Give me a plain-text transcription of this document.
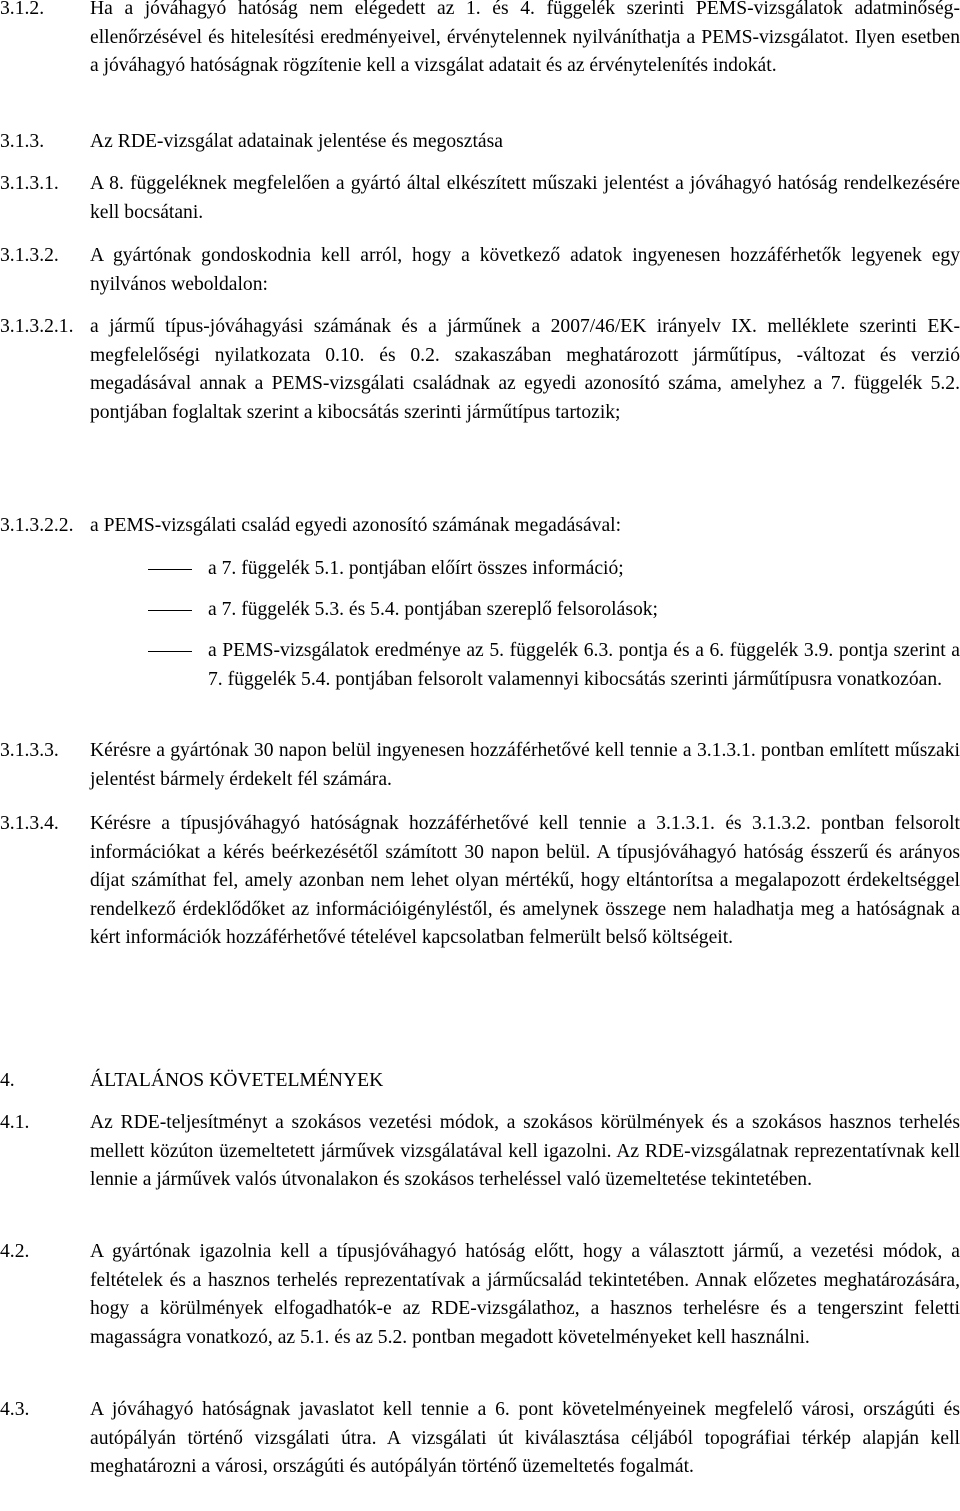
3.1.2. Ha a jóváhagyó hatóság nem elégedett az 1. és 4. függelék szerinti PEMS-vizsgálatok adatminőség-ellenőrzésével és hitelesítési eredményeivel, érvénytelennek nyilváníthatja a PEMS-vizsgálatot. Ilyen esetben a jóváhagyó hatóságnak rögzítenie kell a vizsgálat adatait és az érvénytelenítés indokát.
3.1.3. Az RDE-vizsgálat adatainak jelentése és megosztása
3.1.3.1. A 8. függeléknek megfelelően a gyártó által elkészített műszaki jelentést a jóváhagyó hatóság rendelkezésére kell bocsátani.
3.1.3.2. A gyártónak gondoskodnia kell arról, hogy a következő adatok ingyenesen hozzáférhetők legyenek egy nyilvános weboldalon:
3.1.3.2.1. a jármű típus-jóváhagyási számának és a járműnek a 2007/46/EK irányelv IX. melléklete szerinti EK-megfelelőségi nyilatkozata 0.10. és 0.2. szakaszában meghatározott járműtípus, -változat és verzió megadásával annak a PEMS-vizsgálati családnak az egyedi azonosító száma, amelyhez a 7. függelék 5.2. pontjában foglaltak szerint a kibocsátás szerinti járműtípus tartozik;
3.1.3.2.2. a PEMS-vizsgálati család egyedi azonosító számának megadásával:
a 7. függelék 5.1. pontjában előírt összes információ;
a 7. függelék 5.3. és 5.4. pontjában szereplő felsorolások;
a PEMS-vizsgálatok eredménye az 5. függelék 6.3. pontja és a 6. függelék 3.9. pontja szerint a 7. függelék 5.4. pontjában felsorolt valamennyi kibocsátás szerinti járműtípusra vonatkozóan.
3.1.3.3. Kérésre a gyártónak 30 napon belül ingyenesen hozzáférhetővé kell tennie a 3.1.3.1. pontban említett műszaki jelentést bármely érdekelt fél számára.
3.1.3.4. Kérésre a típusjóváhagyó hatóságnak hozzáférhetővé kell tennie a 3.1.3.1. és 3.1.3.2. pontban felsorolt információkat a kérés beérkezésétől számított 30 napon belül. A típusjóváhagyó hatóság ésszerű és arányos díjat számíthat fel, amely azonban nem lehet olyan mértékű, hogy eltántorítsa a megalapozott érdekeltséggel rendelkező érdeklődőket az információigényléstől, és amelynek összege nem haladhatja meg a hatóságnak a kért információk hozzáférhetővé tételével kapcsolatban felmerült belső költségeit.
4.	ÁLTALÁNOS KÖVETELMÉNYEK
4.1.	Az RDE-teljesítményt a szokásos vezetési módok, a szokásos körülmények és a szokásos hasznos terhelés mellett közúton üzemeltetett járművek vizsgálatával kell igazolni. Az RDE-vizsgálatnak reprezentatívnak kell lennie a járművek valós útvonalakon és szokásos terheléssel való üzemeltetése tekintetében.
4.2.	A gyártónak igazolnia kell a típusjóváhagyó hatóság előtt, hogy a választott jármű, a vezetési módok, a feltételek és a hasznos terhelés reprezentatívak a járműcsalád tekintetében. Annak előzetes meghatározására, hogy a körülmények elfogadhatók-e az RDE-vizsgálathoz, a hasznos terhelésre és a tengerszint feletti magasságra vonatkozó, az 5.1. és az 5.2. pontban megadott követelményeket kell használni.
4.3.	A jóváhagyó hatóságnak javaslatot kell tennie a 6. pont követelményeinek megfelelő városi, országúti és autópályán történő vizsgálati útra. A vizsgálati út kiválasztása céljából topográfiai térkép alapján kell meghatározni a városi, országúti és autópályán történő üzemeltetés fogalmát.
